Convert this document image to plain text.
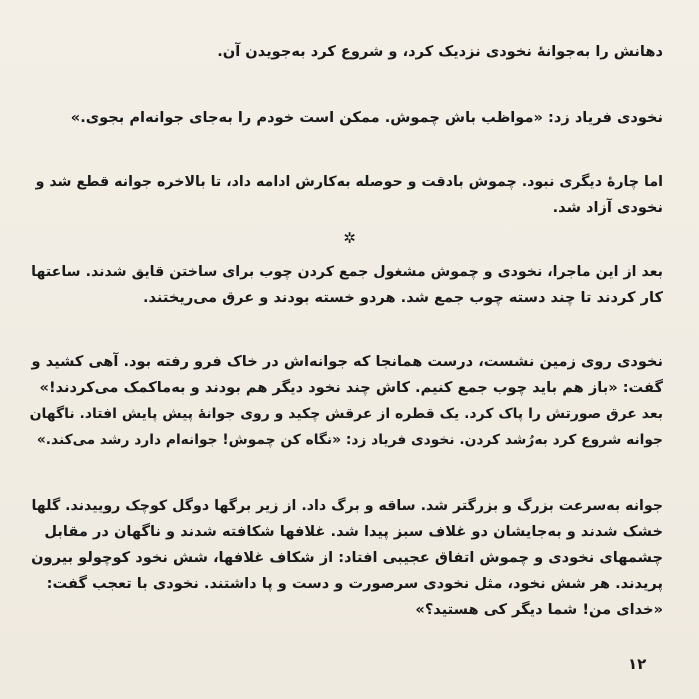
دهانش را به‌جوانهٔ نخودی نزدیک کرد، و شروع کرد به‌جویدن آن.
نخودی فریاد زد: «مواظب باش چموش. ممکن است خودم را به‌جای جوانه‌ام بجوی.»
اما چارهٔ دیگری نبود. چموش بادقت و حوصله به‌کارش ادامه داد، تا بالاخره جوانه قطع شد و
نخودی آزاد شد.
✲
بعد از این ماجرا، نخودی و چموش مشغول جمع کردن چوب برای ساختن قایق شدند. ساعتها
کار کردند تا چند دسته چوب جمع شد. هردو خسته بودند و عرق می‌ریختند.
نخودی روی زمین نشست، درست همانجا که جوانه‌اش در خاک فرو رفته بود. آهی کشید و
گفت: «باز هم باید چوب جمع کنیم. کاش چند نخود دیگر هم بودند و به‌ماکمک می‌کردند!»
بعد عرق صورتش را پاک کرد. یک قطره از عرقش چکید و روی جوانهٔ پیش پایش افتاد. ناگهان
جوانه شروع کرد به‌رُشد کردن. نخودی فریاد زد: «نگاه کن چموش! جوانه‌ام دارد رشد می‌کند.»
جوانه به‌سرعت بزرگ و بزرگتر شد. ساقه و برگ داد. از زیر برگها دوگل کوچک روییدند. گلها
خشک شدند و به‌جایشان دو غلاف سبز پیدا شد. غلافها شکافته شدند و ناگهان در مقابل
چشمهای نخودی و چموش اتفاق عجیبی افتاد: از شکاف غلافها، شش نخود کوچولو بیرون
پریدند. هر شش نخود، مثل نخودی سرصورت و دست و پا داشتند. نخودی با تعجب گفت:
«خدای من! شما دیگر کی هستید؟»
۱۲
